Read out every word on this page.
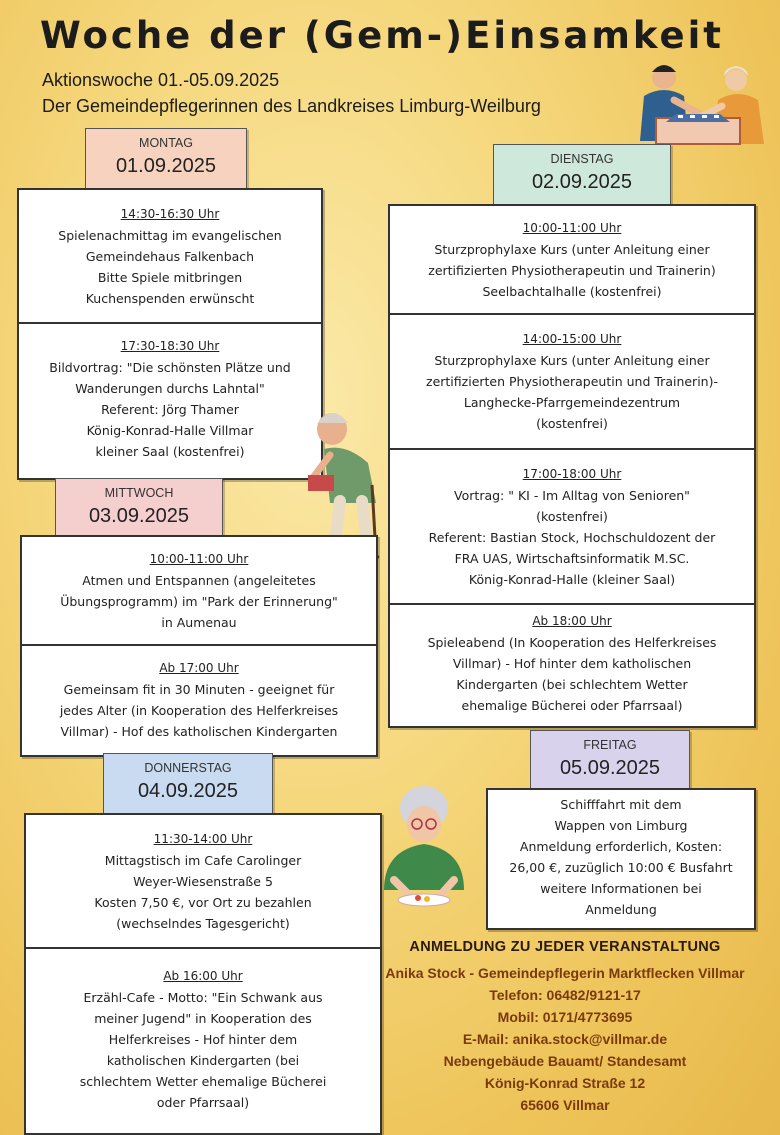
Woche der (Gem-)Einsamkeit
Aktionswoche 01.-05.09.2025
Der Gemeindepflegerinnen des Landkreises Limburg-Weilburg
MONTAG
01.09.2025
14:30-16:30 Uhr
Spielenachmittag im evangelischen
Gemeindehaus Falkenbach
Bitte Spiele mitbringen
Kuchenspenden erwünscht
17:30-18:30 Uhr
Bildvortrag: "Die schönsten Plätze und
Wanderungen durchs Lahntal"
Referent: Jörg Thamer
König-Konrad-Halle Villmar
kleiner Saal (kostenfrei)
DIENSTAG
02.09.2025
10:00-11:00 Uhr
Sturzprophylaxe Kurs (unter Anleitung einer
zertifizierten Physiotherapeutin und Trainerin)
Seelbachtalhalle (kostenfrei)
14:00-15:00 Uhr
Sturzprophylaxe Kurs (unter Anleitung einer
zertifizierten Physiotherapeutin und Trainerin)-
Langhecke-Pfarrgemeindezentrum
(kostenfrei)
17:00-18:00 Uhr
Vortrag: " KI - Im Alltag von Senioren"
(kostenfrei)
Referent: Bastian Stock, Hochschuldozent der
FRA UAS, Wirtschaftsinformatik M.SC.
König-Konrad-Halle (kleiner Saal)
Ab 18:00 Uhr
Spieleabend (In Kooperation des Helferkreises
Villmar) - Hof hinter dem katholischen
Kindergarten (bei schlechtem Wetter
ehemalige Bücherei oder Pfarrsaal)
MITTWOCH
03.09.2025
10:00-11:00 Uhr
Atmen und Entspannen (angeleitetes
Übungsprogramm) im "Park der Erinnerung"
in Aumenau
Ab 17:00 Uhr
Gemeinsam fit in 30 Minuten - geeignet für
jedes Alter (in Kooperation des Helferkreises
Villmar) - Hof des katholischen Kindergarten
FREITAG
05.09.2025
Schifffahrt mit dem
Wappen von Limburg
Anmeldung erforderlich, Kosten:
26,00 €, zuzüglich 10:00 € Busfahrt
weitere Informationen bei
Anmeldung
DONNERSTAG
04.09.2025
11:30-14:00 Uhr
Mittagstisch im Cafe Carolinger
Weyer-Wiesenstraße 5
Kosten 7,50 €, vor Ort zu bezahlen
(wechselndes Tagesgericht)
Ab 16:00 Uhr
Erzähl-Cafe - Motto: "Ein Schwank aus
meiner Jugend" in Kooperation des
Helferkreises - Hof hinter dem
katholischen Kindergarten (bei
schlechtem Wetter ehemalige Bücherei
oder Pfarrsaal)
ANMELDUNG ZU JEDER VERANSTALTUNG
Anika Stock - Gemeindepflegerin Marktflecken Villmar
Telefon: 06482/9121-17
Mobil: 0171/4773695
E-Mail: anika.stock@villmar.de
Nebengebäude Bauamt/ Standesamt
König-Konrad Straße 12
65606 Villmar
